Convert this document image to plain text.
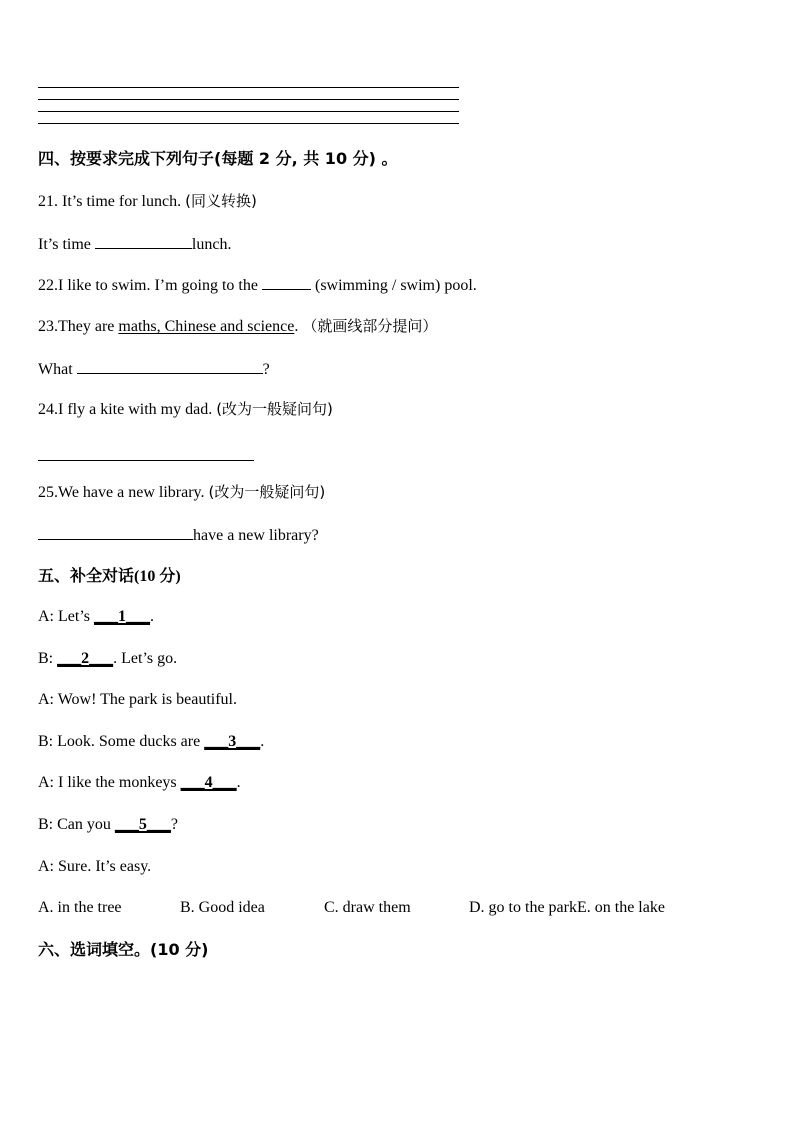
四、按要求完成下列句子(每题 2 分, 共 10 分) 。
21. It’s time for lunch. (同义转换)
It’s time	lunch.
22.I like to swim. I’m going to the	(swimming / swim) pool.
23.They are maths, Chinese and science. （就画线部分提问）
What	?
24.I fly a kite with my dad. (改为一般疑问句)
25.We have a new library. (改为一般疑问句)
have a new library?
五、补全对话(10 分)
A: Let’s ___1___.
B: ___2___. Let’s go.
A: Wow! The park is beautiful.
B: Look. Some ducks are ___3___.
A: I like the monkeys ___4___.
B: Can you ___5___?
A: Sure. It’s easy.
A. in the tree	B. Good idea	C. draw them	D. go to the parkE. on the lake
六、选词填空。(10 分)
